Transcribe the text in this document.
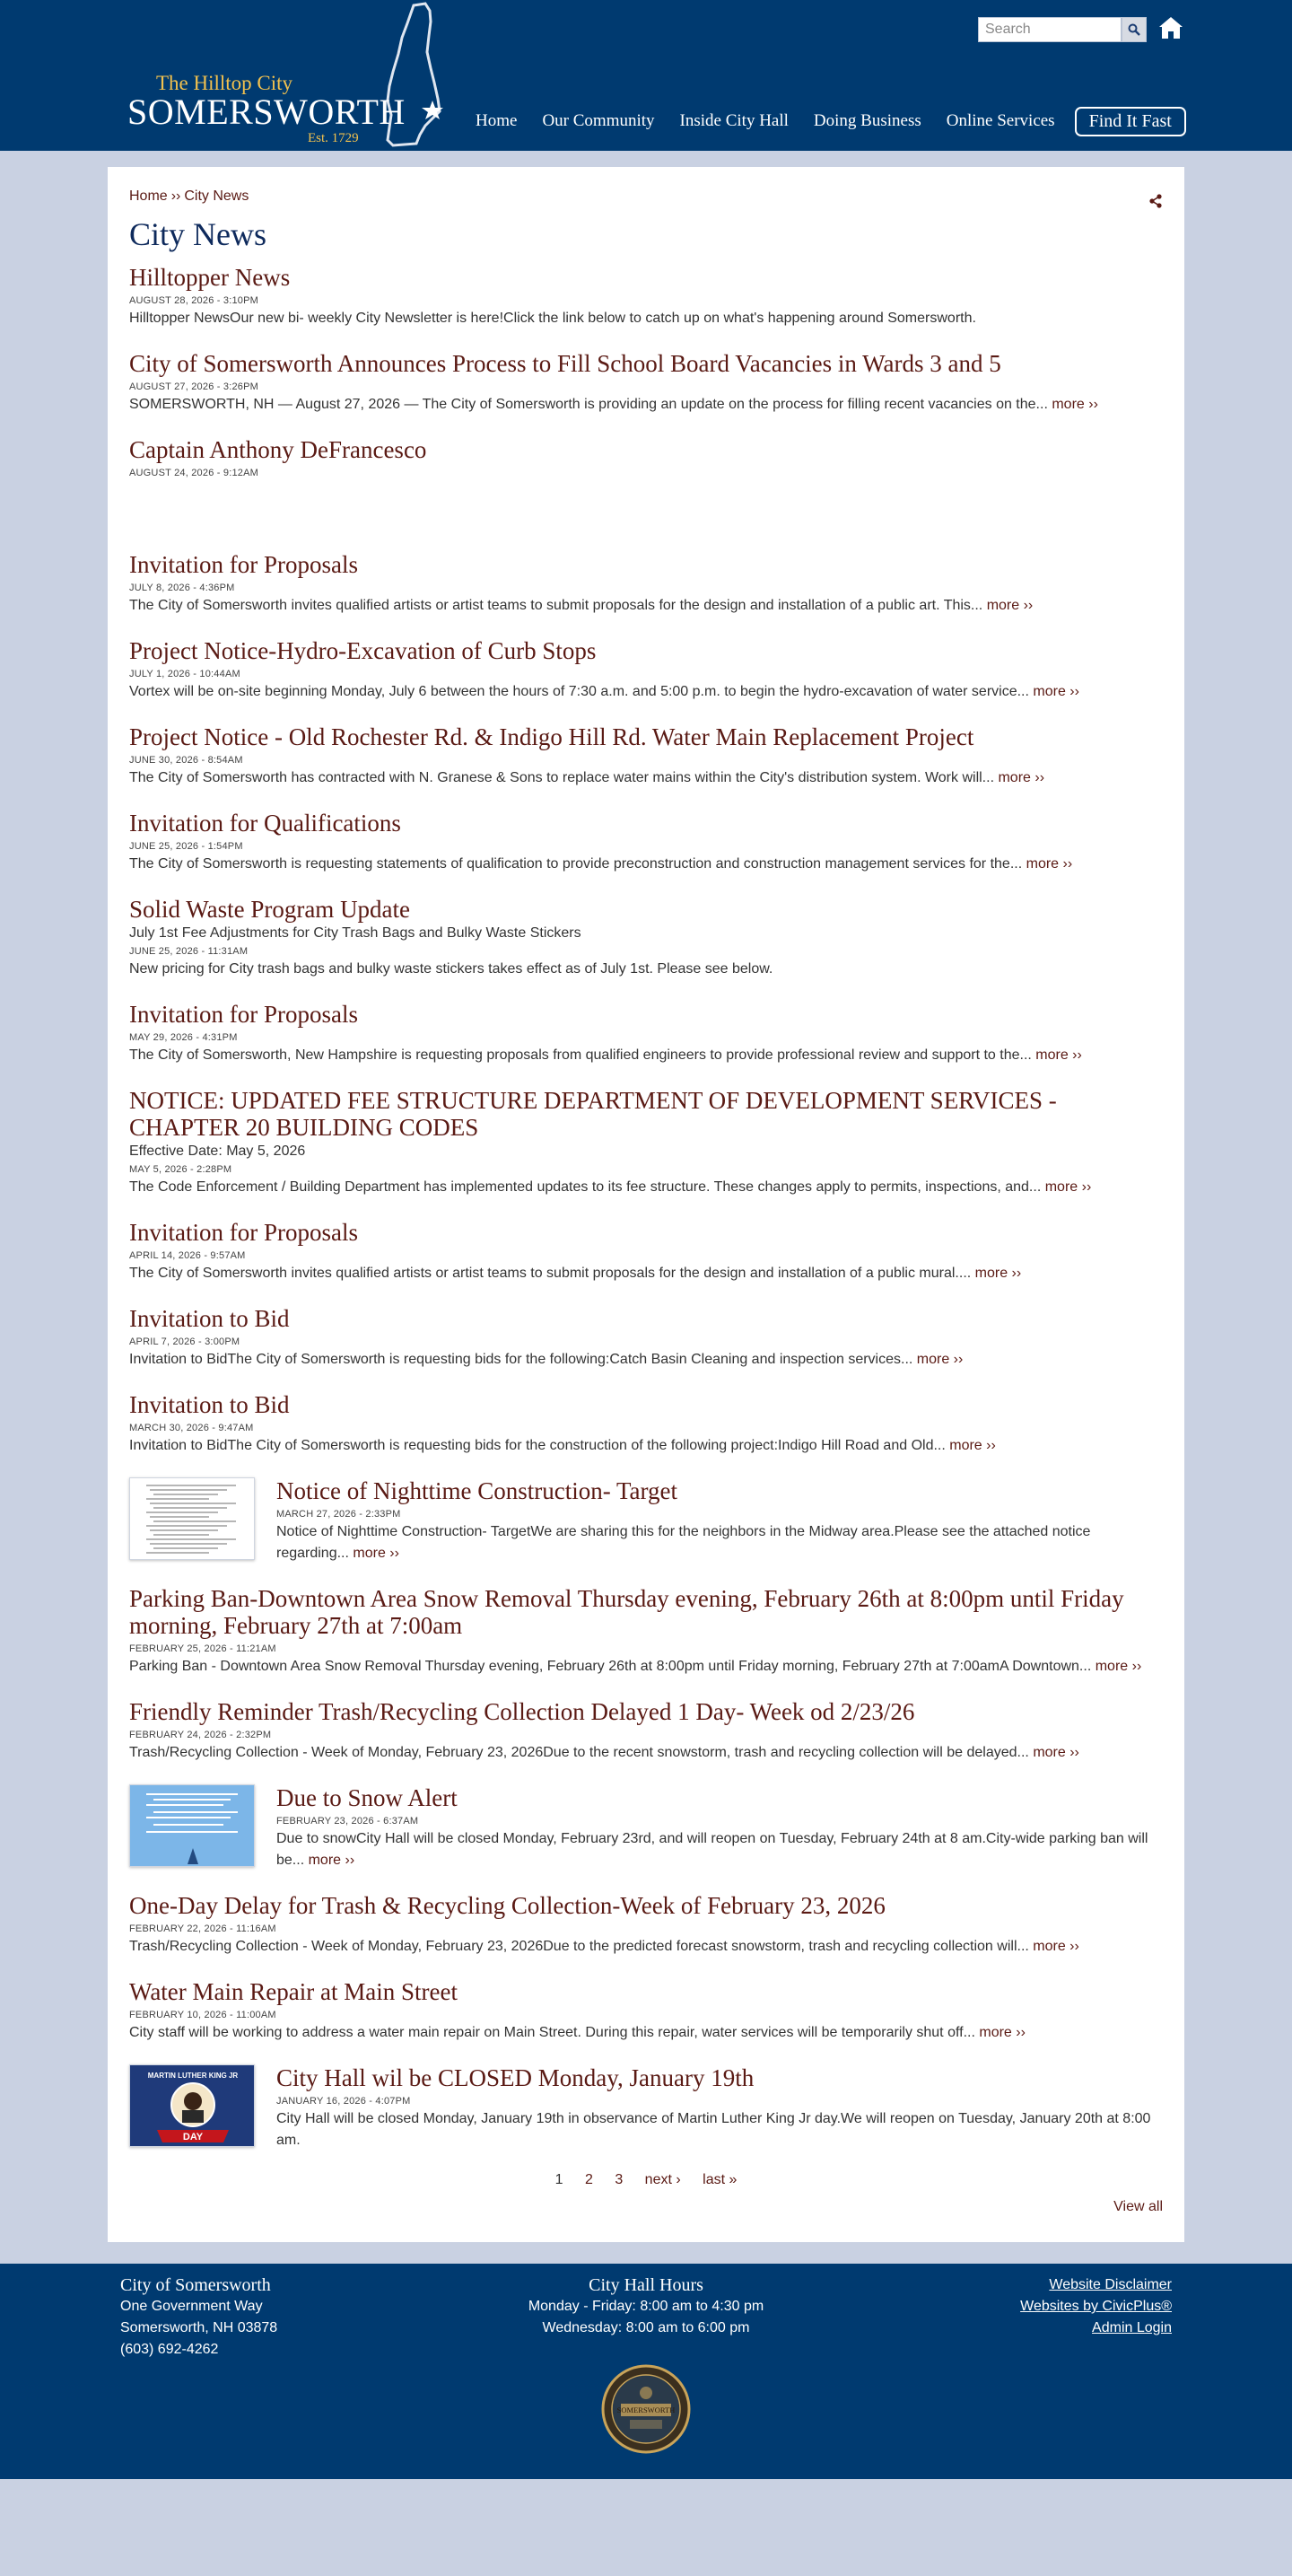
The Hilltop City
SOMERSWORTH
Est. 1729
Search
Home Our Community Inside City Hall Doing Business Online Services	Find It Fast
Home ›› City News
City News
Hilltopper News
AUGUST 28, 2026 - 3:10PM
Hilltopper NewsOur new bi- weekly City Newsletter is here!Click the link below to catch up on what's happening around Somersworth.
City of Somersworth Announces Process to Fill School Board Vacancies in Wards 3 and 5
AUGUST 27, 2026 - 3:26PM
SOMERSWORTH, NH — August 27, 2026 — The City of Somersworth is providing an update on the process for filling recent vacancies on the... more ››
Captain Anthony DeFrancesco
AUGUST 24, 2026 - 9:12AM
Invitation for Proposals
JULY 8, 2026 - 4:36PM
The City of Somersworth invites qualified artists or artist teams to submit proposals for the design and installation of a public art. This... more ››
Project Notice-Hydro-Excavation of Curb Stops
JULY 1, 2026 - 10:44AM
Vortex will be on-site beginning Monday, July 6 between the hours of 7:30 a.m. and 5:00 p.m. to begin the hydro-excavation of water service... more ››
Project Notice - Old Rochester Rd. & Indigo Hill Rd. Water Main Replacement Project
JUNE 30, 2026 - 8:54AM
The City of Somersworth has contracted with N. Granese & Sons to replace water mains within the City's distribution system. Work will... more ››
Invitation for Qualifications
JUNE 25, 2026 - 1:54PM
The City of Somersworth is requesting statements of qualification to provide preconstruction and construction management services for the... more ››
Solid Waste Program Update
July 1st Fee Adjustments for City Trash Bags and Bulky Waste Stickers
JUNE 25, 2026 - 11:31AM
New pricing for City trash bags and bulky waste stickers takes effect as of July 1st. Please see below.
Invitation for Proposals
MAY 29, 2026 - 4:31PM
The City of Somersworth, New Hampshire is requesting proposals from qualified engineers to provide professional review and support to the... more ››
NOTICE: UPDATED FEE STRUCTURE DEPARTMENT OF DEVELOPMENT SERVICES - CHAPTER 20 BUILDING CODES
Effective Date: May 5, 2026
MAY 5, 2026 - 2:28PM
The Code Enforcement / Building Department has implemented updates to its fee structure. These changes apply to permits, inspections, and... more ››
Invitation for Proposals
APRIL 14, 2026 - 9:57AM
The City of Somersworth invites qualified artists or artist teams to submit proposals for the design and installation of a public mural.... more ››
Invitation to Bid
APRIL 7, 2026 - 3:00PM
Invitation to BidThe City of Somersworth is requesting bids for the following:Catch Basin Cleaning and inspection services... more ››
Invitation to Bid
MARCH 30, 2026 - 9:47AM
Invitation to BidThe City of Somersworth is requesting bids for the construction of the following project:Indigo Hill Road and Old... more ››
Notice of Nighttime Construction- Target
MARCH 27, 2026 - 2:33PM
Notice of Nighttime Construction- TargetWe are sharing this for the neighbors in the Midway area.Please see the attached notice regarding... more ››
Parking Ban-Downtown Area Snow Removal Thursday evening, February 26th at 8:00pm until Friday morning, February 27th at 7:00am
FEBRUARY 25, 2026 - 11:21AM
Parking Ban - Downtown Area Snow Removal Thursday evening, February 26th at 8:00pm until Friday morning, February 27th at 7:00amA Downtown... more ››
Friendly Reminder Trash/Recycling Collection Delayed 1 Day- Week od 2/23/26
FEBRUARY 24, 2026 - 2:32PM
Trash/Recycling Collection - Week of Monday, February 23, 2026Due to the recent snowstorm, trash and recycling collection will be delayed... more ››
Due to Snow Alert
FEBRUARY 23, 2026 - 6:37AM
Due to snowCity Hall will be closed Monday, February 23rd, and will reopen on Tuesday, February 24th at 8 am.City-wide parking ban will be... more ››
One-Day Delay for Trash & Recycling Collection-Week of February 23, 2026
FEBRUARY 22, 2026 - 11:16AM
Trash/Recycling Collection - Week of Monday, February 23, 2026Due to the predicted forecast snowstorm, trash and recycling collection will... more ››
Water Main Repair at Main Street
FEBRUARY 10, 2026 - 11:00AM
City staff will be working to address a water main repair on Main Street. During this repair, water services will be temporarily shut off... more ››
MARTIN LUTHER KING JR
DAY
City Hall wil be CLOSED Monday, January 19th
JANUARY 16, 2026 - 4:07PM
City Hall will be closed Monday, January 19th in observance of Martin Luther King Jr day.We will reopen on Tuesday, January 20th at 8:00 am.
1 2 3 next › last »
View all
City of Somersworth
One Government Way
Somersworth, NH 03878
(603) 692-4262
City Hall Hours
Monday - Friday: 8:00 am to 4:30 pm
Wednesday: 8:00 am to 6:00 pm
Website Disclaimer
Websites by CivicPlus®
Admin Login
SOMERSWORTH
